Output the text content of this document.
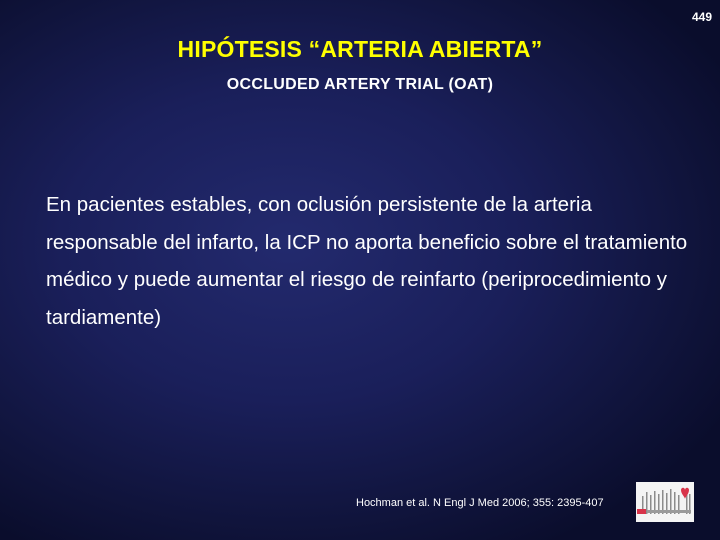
449
HIPÓTESIS “ARTERIA ABIERTA”
OCCLUDED ARTERY TRIAL (OAT)

En pacientes estables, con oclusión persistente de la arteria responsable del infarto, la ICP no aporta beneficio sobre el tratamiento médico y puede aumentar el riesgo de reinfarto (periprocedimiento y tardiamente)

Hochman et al. N Engl J Med 2006; 355: 2395-407
